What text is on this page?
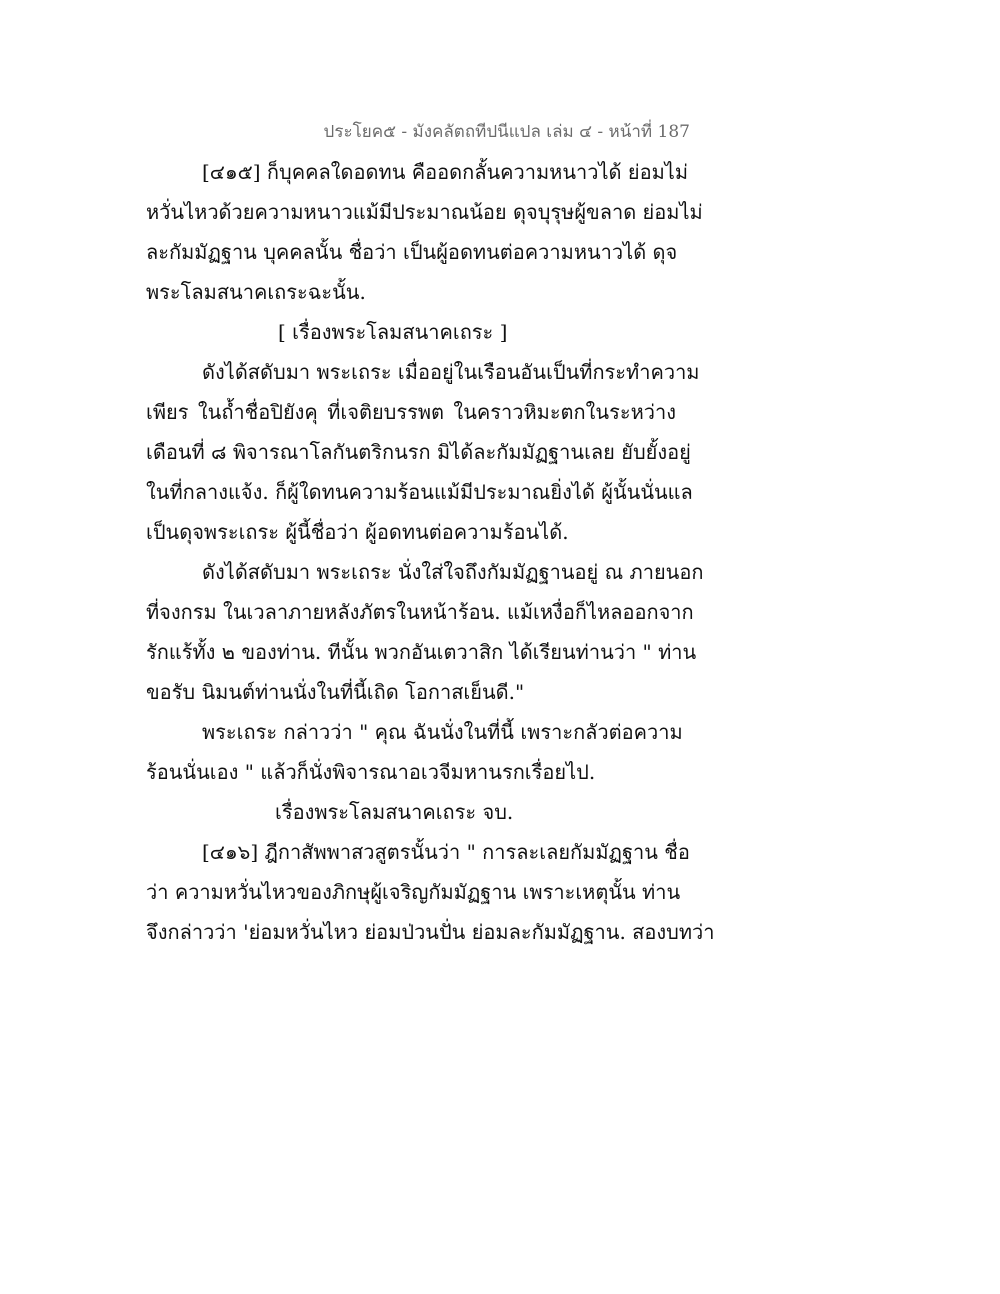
ประโยค๕ - มังคลัตถทีปนีแปล เล่ม ๔ - หน้าที่ 187
[๔๑๕] ก็บุคคลใดอดทน คืออดกลั้นความหนาวได้ ย่อมไม่
หวั่นไหวด้วยความหนาวแม้มีประมาณน้อย ดุจบุรุษผู้ขลาด ย่อมไม่
ละกัมมัฏฐาน บุคคลนั้น ชื่อว่า เป็นผู้อดทนต่อความหนาวได้ ดุจ
พระโลมสนาคเถระฉะนั้น.
[ เรื่องพระโลมสนาคเถระ ]
ดังได้สดับมา พระเถระ เมื่ออยู่ในเรือนอันเป็นที่กระทำความ
เพียร ในถ้ำชื่อปิยังคุ ที่เจติยบรรพต ในคราวหิมะตกในระหว่าง
เดือนที่ ๘ พิจารณาโลกันตริกนรก มิได้ละกัมมัฏฐานเลย ยับยั้งอยู่
ในที่กลางแจ้ง. ก็ผู้ใดทนความร้อนแม้มีประมาณยิ่งได้ ผู้นั้นนั่นแล
เป็นดุจพระเถระ ผู้นี้ชื่อว่า ผู้อดทนต่อความร้อนได้.
ดังได้สดับมา พระเถระ นั่งใส่ใจถึงกัมมัฏฐานอยู่ ณ ภายนอก
ที่จงกรม ในเวลาภายหลังภัตรในหน้าร้อน. แม้เหงื่อก็ไหลออกจาก
รักแร้ทั้ง ๒ ของท่าน. ทีนั้น พวกอันเตวาสิก ได้เรียนท่านว่า " ท่าน
ขอรับ นิมนต์ท่านนั่งในที่นี้เถิด โอกาสเย็นดี."
พระเถระ กล่าวว่า " คุณ ฉันนั่งในที่นี้ เพราะกลัวต่อความ
ร้อนนั่นเอง " แล้วก็นั่งพิจารณาอเวจีมหานรกเรื่อยไป.
เรื่องพระโลมสนาคเถระ จบ.
[๔๑๖] ฎีกาสัพพาสวสูตรนั้นว่า " การละเลยกัมมัฏฐาน ชื่อ
ว่า ความหวั่นไหวของภิกษุผู้เจริญกัมมัฏฐาน เพราะเหตุนั้น ท่าน
จึงกล่าวว่า 'ย่อมหวั่นไหว ย่อมป่วนปั่น ย่อมละกัมมัฏฐาน. สองบทว่า
